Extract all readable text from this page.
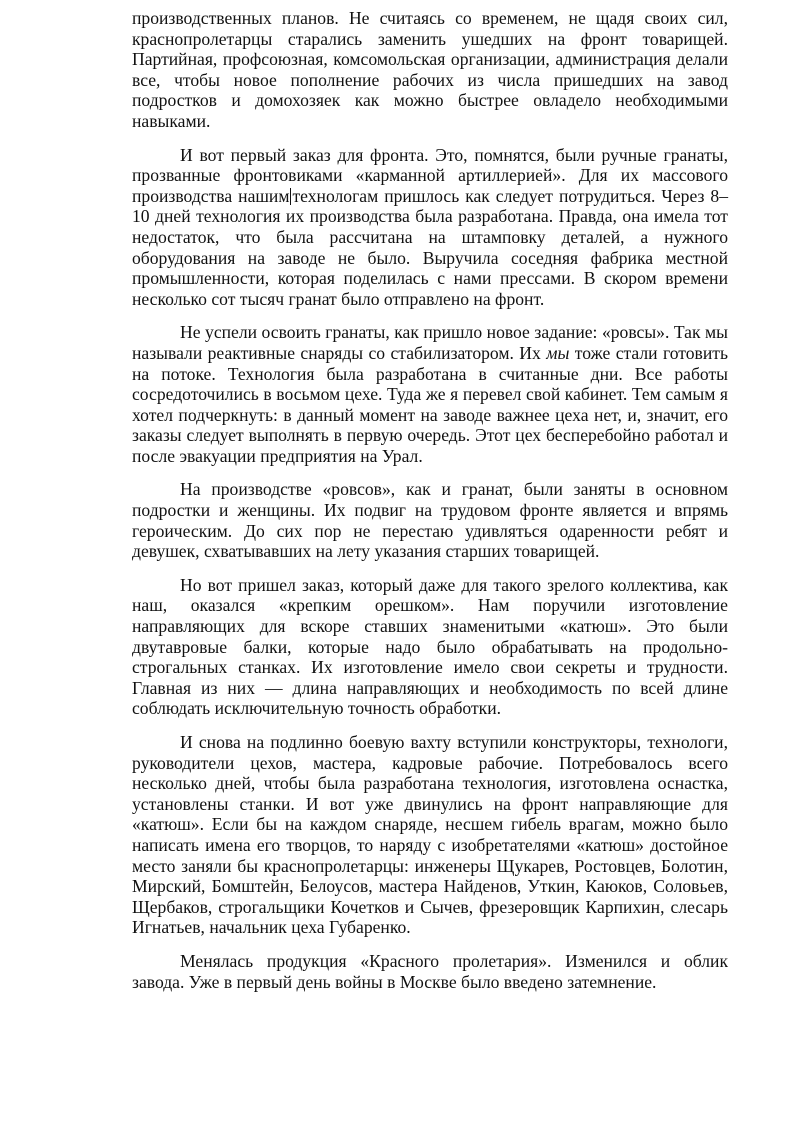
производственных планов. Не считаясь со временем, не щадя своих сил, краснопролетарцы старались заменить ушедших на фронт товарищей. Партийная, профсоюзная, комсомольская организации, администрация делали все, чтобы новое пополнение рабочих из числа пришедших на завод подростков и домохозяек как можно быстрее овладело необходимыми навыками.

И вот первый заказ для фронта. Это, помнятся, были ручные гранаты, прозванные фронтовиками «карманной артиллерией». Для их массового производства нашим технологам пришлось как следует потрудиться. Через 8–10 дней технология их производства была разработана. Правда, она имела тот недостаток, что была рассчитана на штамповку деталей, а нужного оборудования на заводе не было. Выручила соседняя фабрика местной промышленности, которая поделилась с нами прессами. В скором времени несколько сот тысяч гранат было отправлено на фронт.

Не успели освоить гранаты, как пришло новое задание: «ровсы». Так мы называли реактивные снаряды со стабилизатором. Их мы тоже стали готовить на потоке. Технология была разработана в считанные дни. Все работы сосредоточились в восьмом цехе. Туда же я перевел свой кабинет. Тем самым я хотел подчеркнуть: в данный момент на заводе важнее цеха нет, и, значит, его заказы следует выполнять в первую очередь. Этот цех бесперебойно работал и после эвакуации предприятия на Урал.

На производстве «ровсов», как и гранат, были заняты в основном подростки и женщины. Их подвиг на трудовом фронте является и впрямь героическим. До сих пор не перестаю удивляться одаренности ребят и девушек, схватывавших на лету указания старших товарищей.

Но вот пришел заказ, который даже для такого зрелого коллектива, как наш, оказался «крепким орешком». Нам поручили изготовление направляющих для вскоре ставших знаменитыми «катюш». Это были двутавровые балки, которые надо было обрабатывать на продольно-строгальных станках. Их изготовление имело свои секреты и трудности. Главная из них — длина направляющих и необходимость по всей длине соблюдать исключительную точность обработки.

И снова на подлинно боевую вахту вступили конструкторы, технологи, руководители цехов, мастера, кадровые рабочие. Потребовалось всего несколько дней, чтобы была разработана технология, изготовлена оснастка, установлены станки. И вот уже двинулись на фронт направляющие для «катюш». Если бы на каждом снаряде, несшем гибель врагам, можно было написать имена его творцов, то наряду с изобретателями «катюш» достойное место заняли бы краснопролетарцы: инженеры Щукарев, Ростовцев, Болотин, Мирский, Бомштейн, Белоусов, мастера Найденов, Уткин, Каюков, Соловьев, Щербаков, строгальщики Кочетков и Сычев, фрезеровщик Карпихин, слесарь Игнатьев, начальник цеха Губаренко.

Менялась продукция «Красного пролетария». Изменился и облик завода. Уже в первый день войны в Москве было введено затемнение.
